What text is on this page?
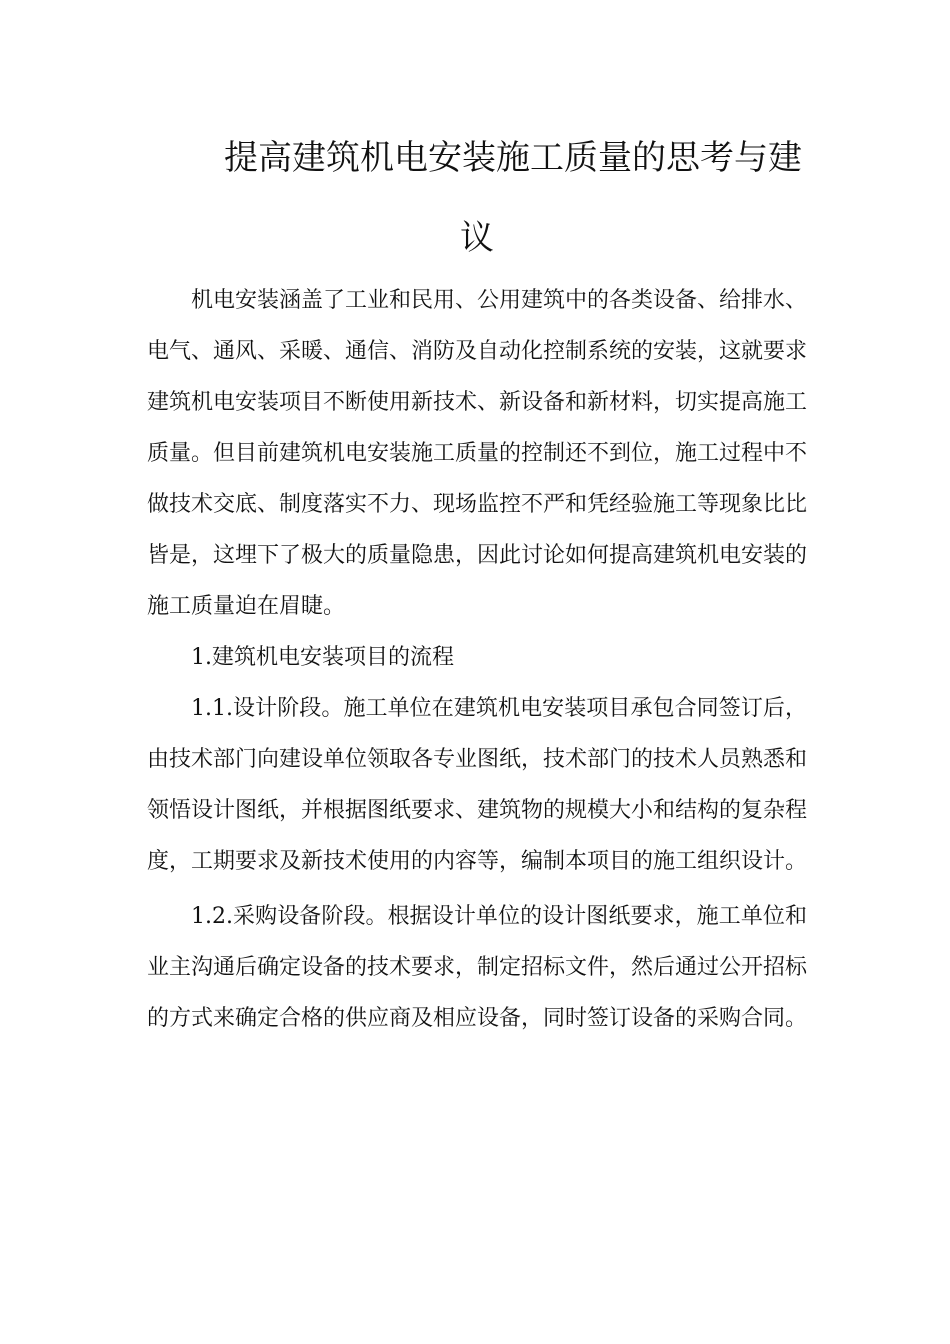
提高建筑机电安装施工质量的思考与建
议

机电安装涵盖了工业和民用、公用建筑中的各类设备、给排水、电气、通风、采暖、通信、消防及自动化控制系统的安装，这就要求建筑机电安装项目不断使用新技术、新设备和新材料，切实提高施工质量。但目前建筑机电安装施工质量的控制还不到位，施工过程中不做技术交底、制度落实不力、现场监控不严和凭经验施工等现象比比皆是，这埋下了极大的质量隐患，因此讨论如何提高建筑机电安装的施工质量迫在眉睫。

1.建筑机电安装项目的流程

1.1.设计阶段。施工单位在建筑机电安装项目承包合同签订后，由技术部门向建设单位领取各专业图纸，技术部门的技术人员熟悉和领悟设计图纸，并根据图纸要求、建筑物的规模大小和结构的复杂程度，工期要求及新技术使用的内容等，编制本项目的施工组织设计。

1.2.采购设备阶段。根据设计单位的设计图纸要求，施工单位和业主沟通后确定设备的技术要求，制定招标文件，然后通过公开招标的方式来确定合格的供应商及相应设备，同时签订设备的采购合同。
